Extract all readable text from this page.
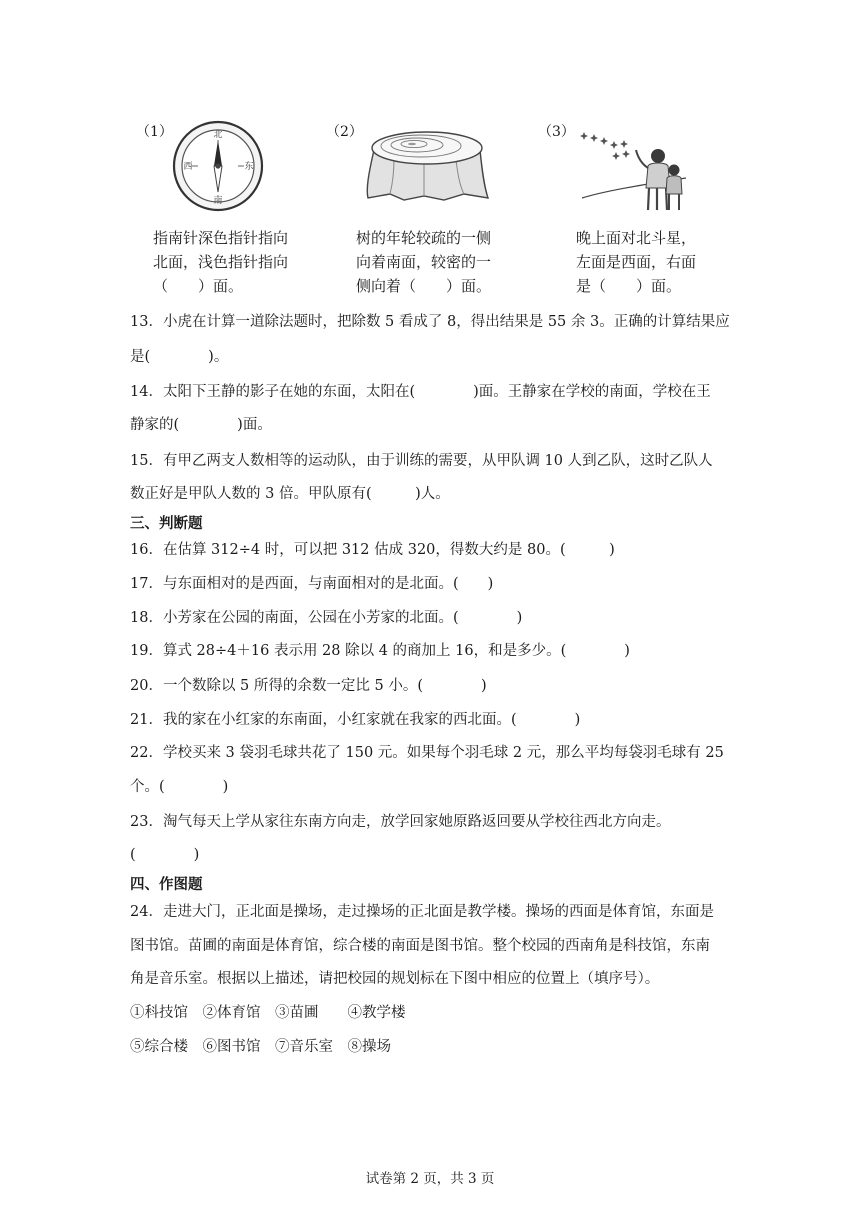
（1）	（2）	（3）
北
南
西	东
指南针深色指针指向
北面，浅色指针指向
（　　）面。
树的年轮较疏的一侧
向着南面，较密的一
侧向着（　　）面。
晚上面对北斗星，
左面是西面，右面
是（　　）面。
13．小虎在计算一道除法题时，把除数 5 看成了 8，得出结果是 55 余 3。正确的计算结果应
是(　　　　)。
14．太阳下王静的影子在她的东面，太阳在(　　　　)面。王静家在学校的南面，学校在王
静家的(　　　　)面。
15．有甲乙两支人数相等的运动队，由于训练的需要，从甲队调 10 人到乙队，这时乙队人
数正好是甲队人数的 3 倍。甲队原有(　　　)人。
三、判断题
16．在估算 312÷4 时，可以把 312 估成 320，得数大约是 80。(　　　)
17．与东面相对的是西面，与南面相对的是北面。(　　)
18．小芳家在公园的南面，公园在小芳家的北面。(　　　　)
19．算式 28÷4＋16 表示用 28 除以 4 的商加上 16，和是多少。(　　　　)
20．一个数除以 5 所得的余数一定比 5 小。(　　　　)
21．我的家在小红家的东南面，小红家就在我家的西北面。(　　　　)
22．学校买来 3 袋羽毛球共花了 150 元。如果每个羽毛球 2 元，那么平均每袋羽毛球有 25
个。(　　　　)
23．淘气每天上学从家往东南方向走，放学回家她原路返回要从学校往西北方向走。
(　　　　)
四、作图题
24．走进大门，正北面是操场，走过操场的正北面是教学楼。操场的西面是体育馆，东面是
图书馆。苗圃的南面是体育馆，综合楼的南面是图书馆。整个校园的西南角是科技馆，东南
角是音乐室。根据以上描述，请把校园的规划标在下图中相应的位置上（填序号）。
①科技馆　②体育馆　③苗圃　　④教学楼
⑤综合楼　⑥图书馆　⑦音乐室　⑧操场
试卷第 2 页，共 3 页
